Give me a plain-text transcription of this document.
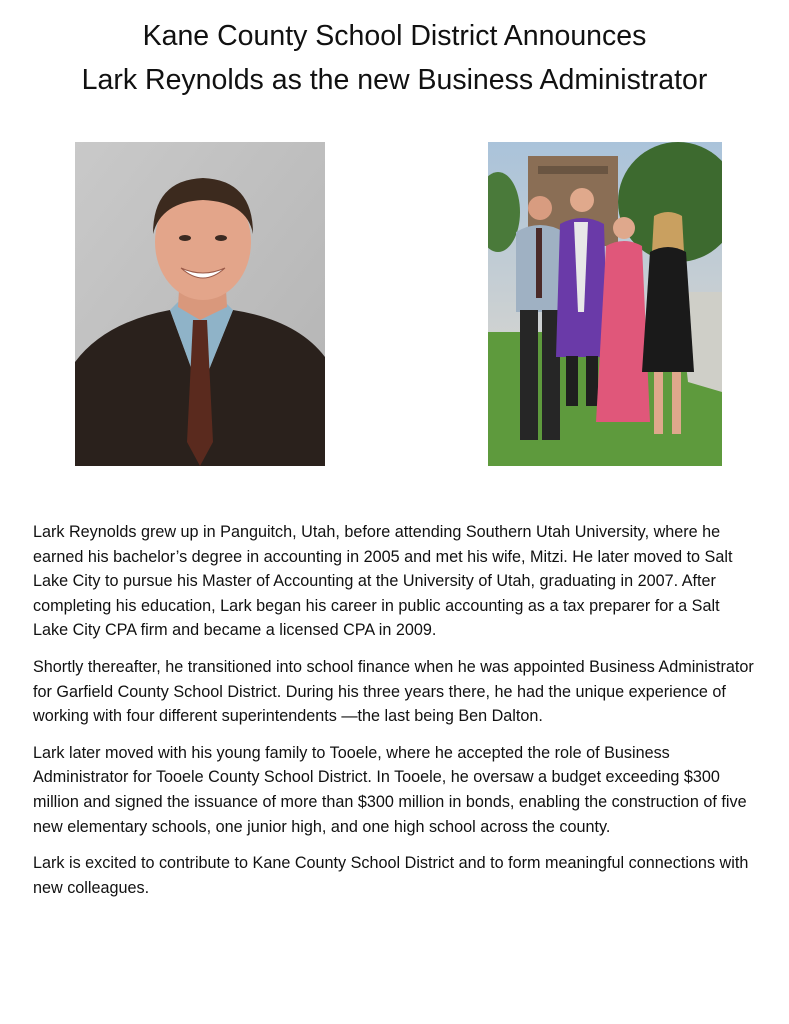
Kane County School District Announces
Lark Reynolds as the new Business Administrator

Lark Reynolds grew up in Panguitch, Utah, before attending Southern Utah University, where he earned his bachelor’s degree in accounting in 2005 and met his wife, Mitzi. He later moved to Salt Lake City to pursue his Master of Accounting at the University of Utah, graduating in 2007. After completing his education, Lark began his career in public accounting as a tax preparer for a Salt Lake City CPA firm and became a licensed CPA in 2009.

Shortly thereafter, he transitioned into school finance when he was appointed Business Administrator for Garfield County School District. During his three years there, he had the unique experience of working with four different superintendents —the last being Ben Dalton.

Lark later moved with his young family to Tooele, where he accepted the role of Business Administrator for Tooele County School District. In Tooele, he oversaw a budget exceeding $300 million and signed the issuance of more than $300 million in bonds, enabling the construction of five new elementary schools, one junior high, and one high school across the county.

Lark is excited to contribute to Kane County School District and to form meaningful connections with new colleagues.
